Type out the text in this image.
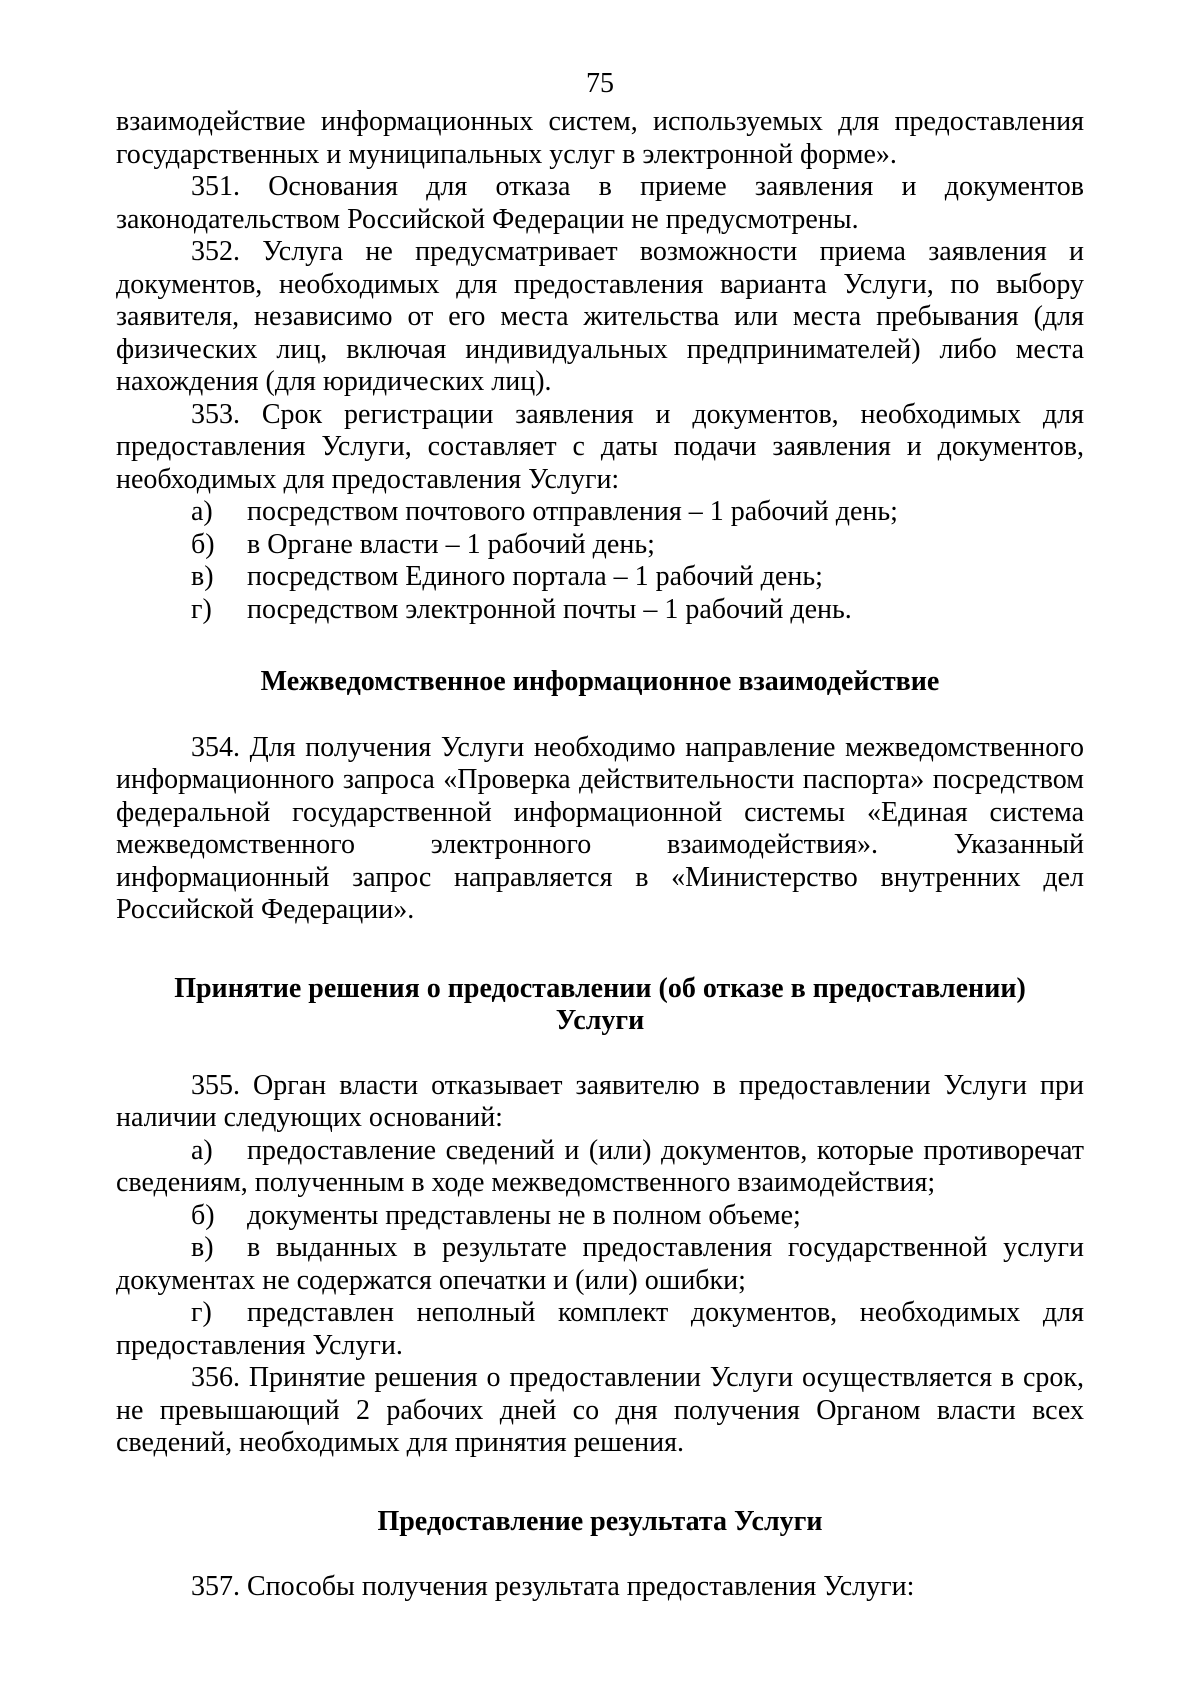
75

взаимодействие информационных систем, используемых для предоставления государственных и муниципальных услуг в электронной форме».

351. Основания для отказа в приеме заявления и документов законодательством Российской Федерации не предусмотрены.

352. Услуга не предусматривает возможности приема заявления и документов, необходимых для предоставления варианта Услуги, по выбору заявителя, независимо от его места жительства или места пребывания (для физических лиц, включая индивидуальных предпринимателей) либо места нахождения (для юридических лиц).

353. Срок регистрации заявления и документов, необходимых для предоставления Услуги, составляет с даты подачи заявления и документов, необходимых для предоставления Услуги:

а) посредством почтового отправления – 1 рабочий день;

б) в Органе власти – 1 рабочий день;

в) посредством Единого портала – 1 рабочий день;

г) посредством электронной почты – 1 рабочий день.

Межведомственное информационное взаимодействие

354. Для получения Услуги необходимо направление межведомственного информационного запроса «Проверка действительности паспорта» посредством федеральной государственной информационной системы «Единая система межведомственного электронного взаимодействия». Указанный информационный запрос направляется в «Министерство внутренних дел Российской Федерации».

Принятие решения о предоставлении (об отказе в предоставлении)

Услуги

355. Орган власти отказывает заявителю в предоставлении Услуги при наличии следующих оснований:

а) предоставление сведений и (или) документов, которые противоречат сведениям, полученным в ходе межведомственного взаимодействия;

б) документы представлены не в полном объеме;

в) в выданных в результате предоставления государственной услуги документах не содержатся опечатки и (или) ошибки;

г) представлен неполный комплект документов, необходимых для предоставления Услуги.

356. Принятие решения о предоставлении Услуги осуществляется в срок, не превышающий 2 рабочих дней со дня получения Органом власти всех сведений, необходимых для принятия решения.

Предоставление результата Услуги

357. Способы получения результата предоставления Услуги:
